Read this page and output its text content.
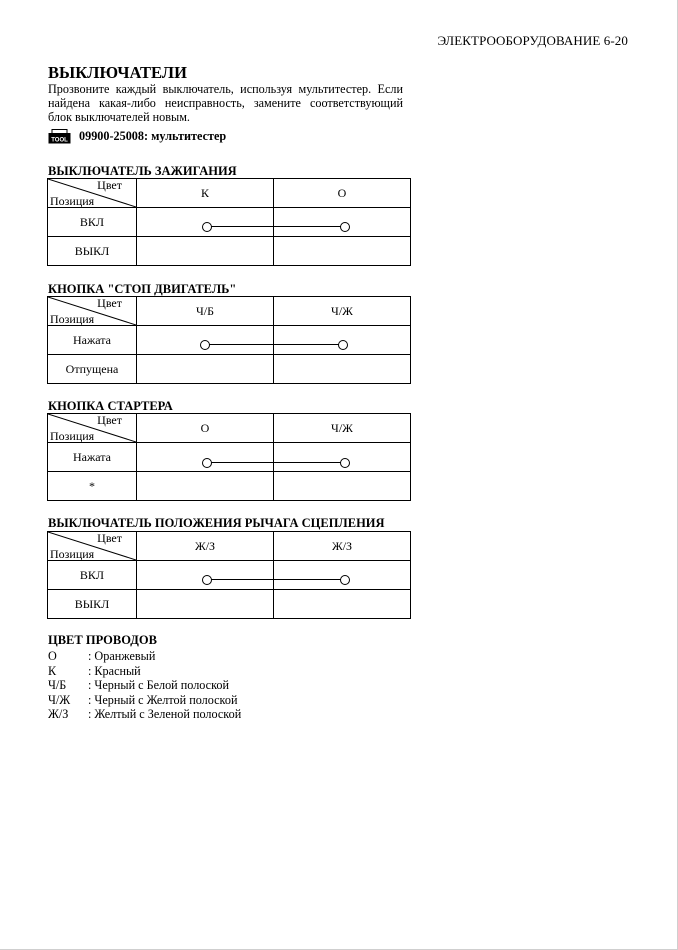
ЭЛЕКТРООБОРУДОВАНИЕ 6-20
ВЫКЛЮЧАТЕЛИ
Прозвоните каждый выключатель, используя мультитестер. Если найдена какая-либо неисправность, замените соответствующий блок выключателей новым.
TOOL 09900-25008: мультитестер
ВЫКЛЮЧАТЕЛЬ ЗАЖИГАНИЯ
Цвет
Позиция	К	О
ВКЛ		
ВЫКЛ		
КНОПКА "СТОП ДВИГАТЕЛЬ"
Цвет
Позиция	Ч/Б	Ч/Ж
Нажата		
Отпущена		
КНОПКА СТАРТЕРА
Цвет
Позиция	О	Ч/Ж
Нажата		
*		
ВЫКЛЮЧАТЕЛЬ ПОЛОЖЕНИЯ РЫЧАГА СЦЕПЛЕНИЯ
Цвет
Позиция	Ж/З	Ж/З
ВКЛ		
ВЫКЛ		
ЦВЕТ ПРОВОДОВ
О	: Оранжевый
К	: Красный
Ч/Б	: Черный с Белой полоской
Ч/Ж	: Черный с Желтой полоской
Ж/З	: Желтый с Зеленой полоской
